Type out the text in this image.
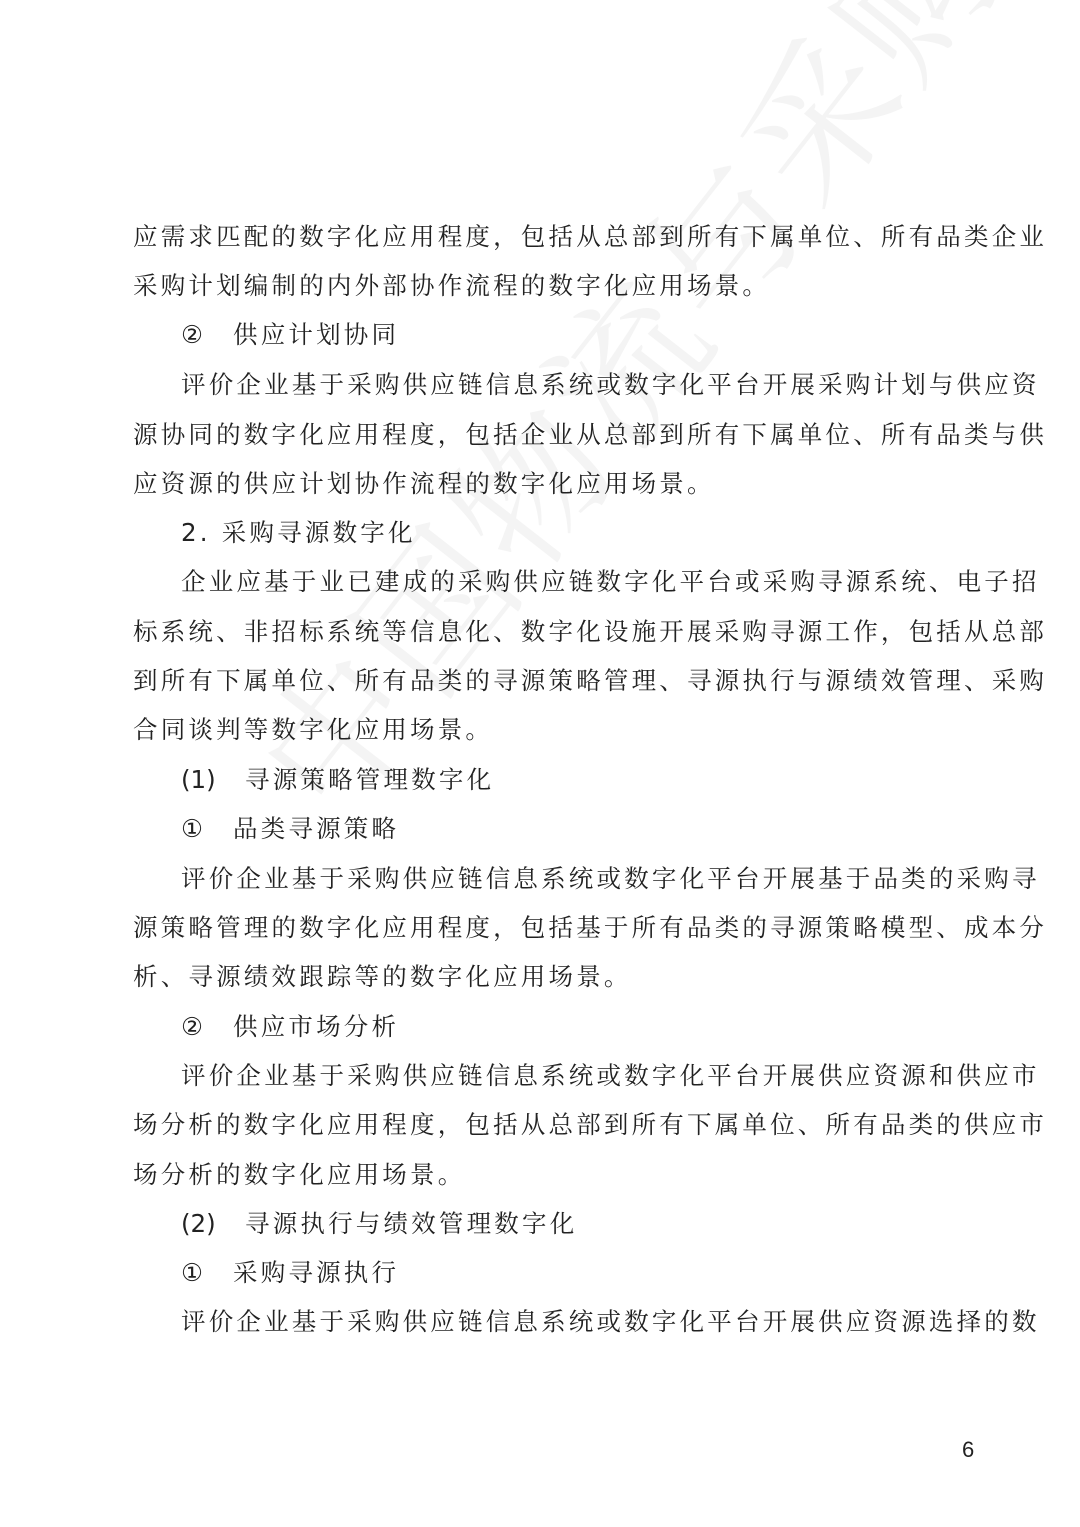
应需求匹配的数字化应用程度，包括从总部到所有下属单位、所有品类企业
采购计划编制的内外部协作流程的数字化应用场景。
② 供应计划协同
评价企业基于采购供应链信息系统或数字化平台开展采购计划与供应资
源协同的数字化应用程度，包括企业从总部到所有下属单位、所有品类与供
应资源的供应计划协作流程的数字化应用场景。
2. 采购寻源数字化
企业应基于业已建成的采购供应链数字化平台或采购寻源系统、电子招
标系统、非招标系统等信息化、数字化设施开展采购寻源工作，包括从总部
到所有下属单位、所有品类的寻源策略管理、寻源执行与源绩效管理、采购
合同谈判等数字化应用场景。
(1) 寻源策略管理数字化
① 品类寻源策略
评价企业基于采购供应链信息系统或数字化平台开展基于品类的采购寻
源策略管理的数字化应用程度，包括基于所有品类的寻源策略模型、成本分
析、寻源绩效跟踪等的数字化应用场景。
② 供应市场分析
评价企业基于采购供应链信息系统或数字化平台开展供应资源和供应市
场分析的数字化应用程度，包括从总部到所有下属单位、所有品类的供应市
场分析的数字化应用场景。
(2) 寻源执行与绩效管理数字化
① 采购寻源执行
评价企业基于采购供应链信息系统或数字化平台开展供应资源选择的数
6
